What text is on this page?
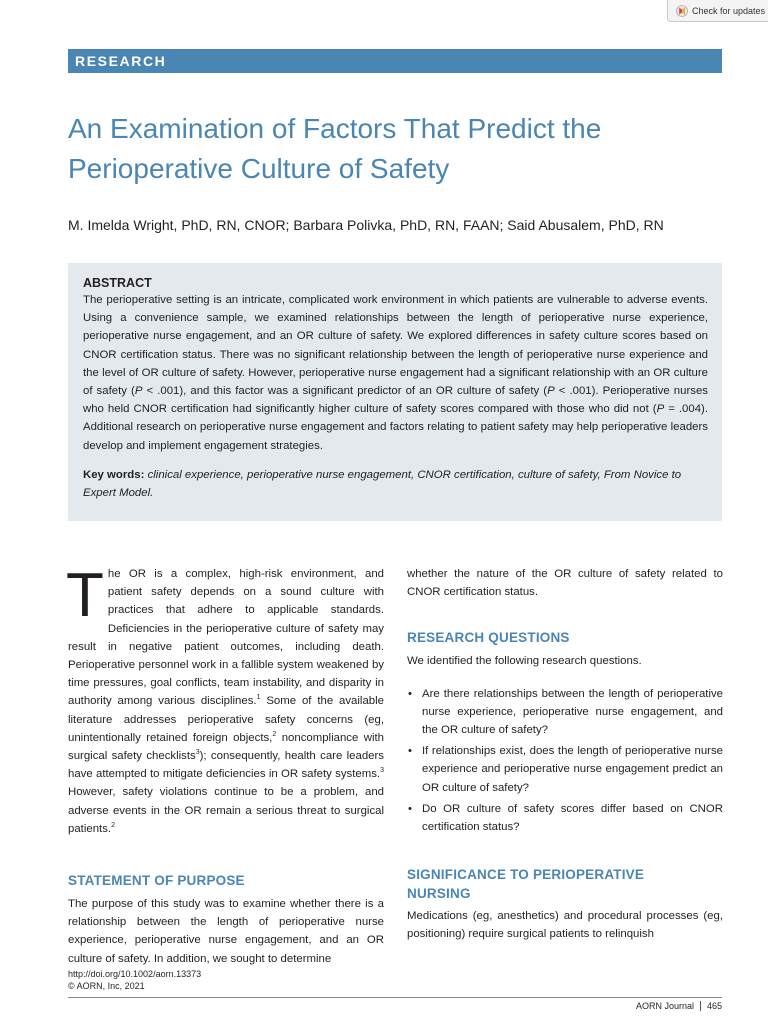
Check for updates
RESEARCH
An Examination of Factors That Predict the
Perioperative Culture of Safety
M. Imelda Wright, PhD, RN, CNOR; Barbara Polivka, PhD, RN, FAAN; Said Abusalem, PhD, RN

ABSTRACT

The perioperative setting is an intricate, complicated work environment in which patients are vulnerable to adverse events. Using a convenience sample, we examined relationships between the length of perioperative nurse experience, perioperative nurse engagement, and an OR culture of safety. We explored differences in safety culture scores based on CNOR certification status. There was no significant relationship between the length of perioperative nurse experience and the level of OR culture of safety. However, perioperative nurse engagement had a significant relationship with an OR culture of safety (P < .001), and this factor was a significant predictor of an OR culture of safety (P < .001). Perioperative nurses who held CNOR certification had significantly higher culture of safety scores compared with those who did not (P = .004). Additional research on perioperative nurse engagement and factors relating to patient safety may help perioperative leaders develop and implement engagement strategies.

Key words: clinical experience, perioperative nurse engagement, CNOR certification, culture of safety, From Novice to Expert Model.

The OR is a complex, high-risk environment, and patient safety depends on a sound culture with practices that adhere to applicable standards. Deficiencies in the perioperative culture of safety may result in negative patient outcomes, including death. Perioperative personnel work in a fallible system weakened by time pressures, goal conflicts, team instability, and disparity in authority among various disciplines.$^1$ Some of the available literature addresses perioperative safety concerns (eg, unintentionally retained foreign objects,$^2$ noncompliance with surgical safety checklists$^3$); consequently, health care leaders have attempted to mitigate deficiencies in OR safety systems.$^3$ However, safety violations continue to be a problem, and adverse events in the OR remain a serious threat to surgical patients.$^2$

STATEMENT OF PURPOSE

The purpose of this study was to examine whether there is a relationship between the length of perioperative nurse experience, perioperative nurse engagement, and an OR culture of safety. In addition, we sought to determine

whether the nature of the OR culture of safety related to CNOR certification status.

RESEARCH QUESTIONS

We identified the following research questions.

• Are there relationships between the length of perioperative nurse experience, perioperative nurse engagement, and the OR culture of safety?
• If relationships exist, does the length of perioperative nurse experience and perioperative nurse engagement predict an OR culture of safety?
• Do OR culture of safety scores differ based on CNOR certification status?
SIGNIFICANCE TO PERIOPERATIVE
NURSING

Medications (eg, anesthetics) and procedural processes (eg, positioning) require surgical patients to relinquish

http://doi.org/10.1002/aorn.13373
© AORN, Inc, 2021
AORN Journal 465
